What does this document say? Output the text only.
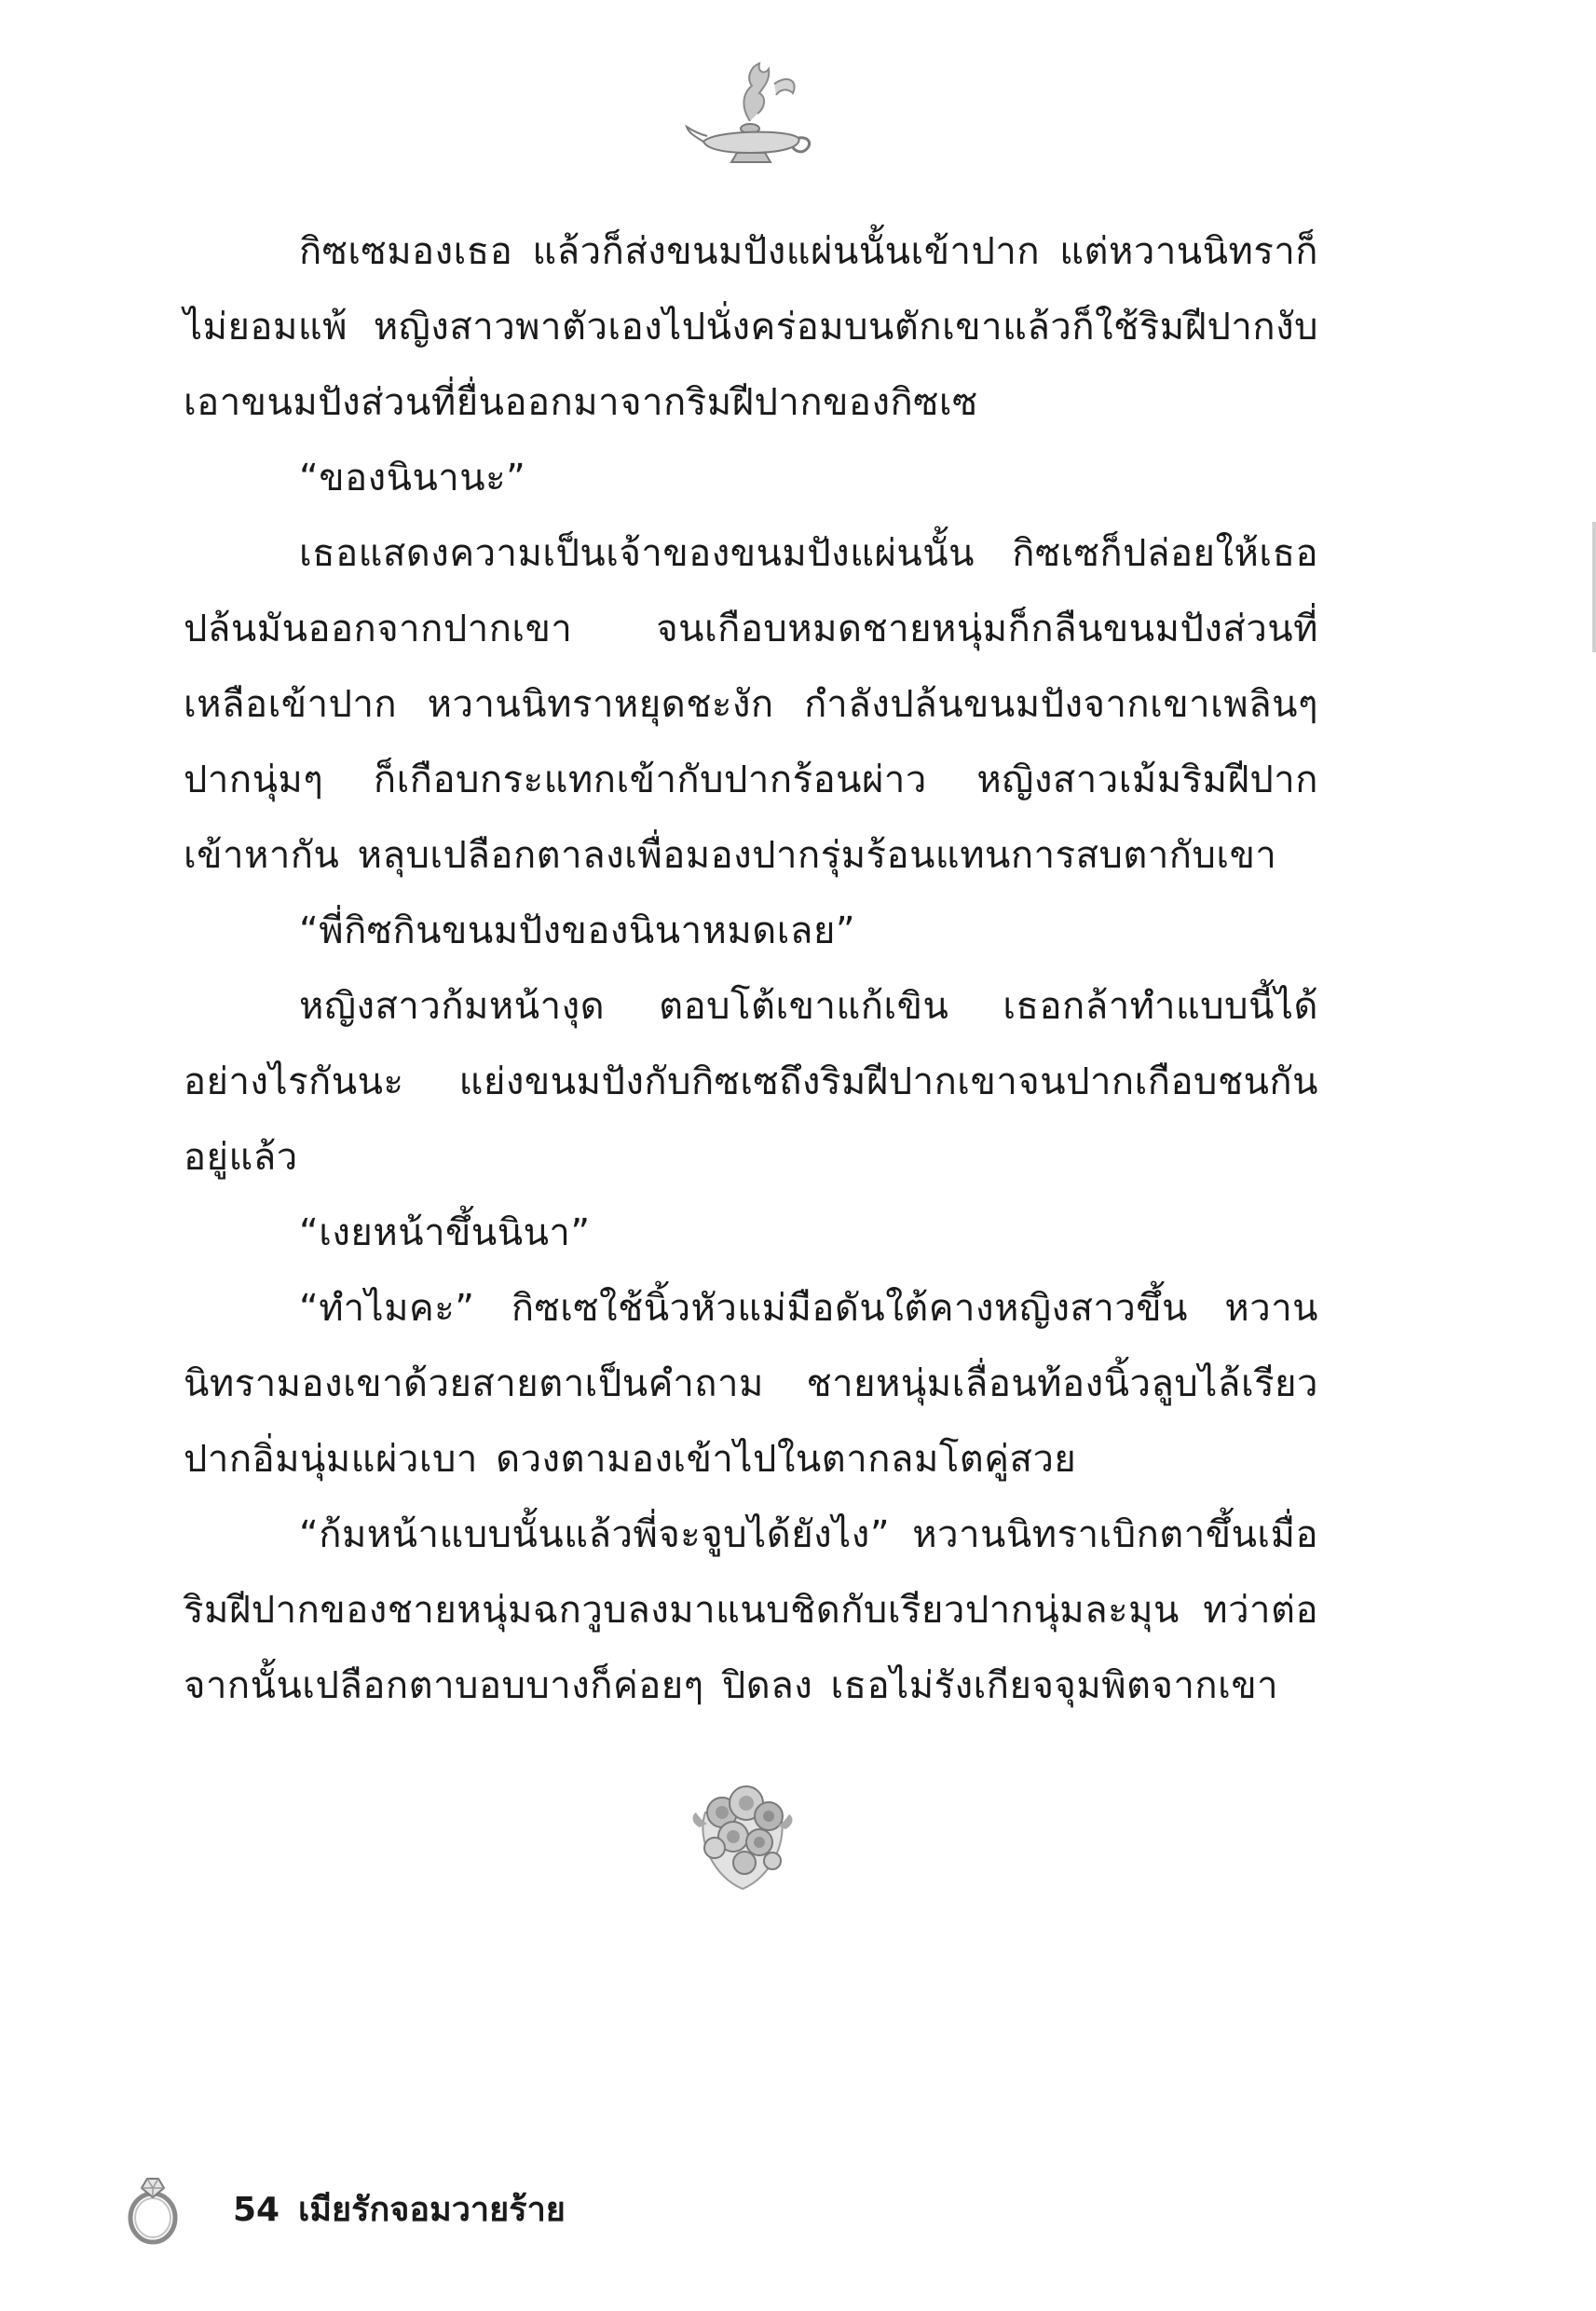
กิซเซมองเธอ แล้วก็ส่งขนมปังแผ่นนั้นเข้าปาก แต่หวานนิทราก็ไม่ยอมแพ้ หญิงสาวพาตัวเองไปนั่งคร่อมบนตักเขาแล้วก็ใช้ริมฝีปากงับเอาขนมปังส่วนที่ยื่นออกมาจากริมฝีปากของกิซเซ

“ของนินานะ”

เธอแสดงความเป็นเจ้าของขนมปังแผ่นนั้น กิซเซก็ปล่อยให้เธอปล้นมันออกจากปากเขา จนเกือบหมดชายหนุ่มก็กลืนขนมปังส่วนที่เหลือเข้าปาก หวานนิทราหยุดชะงัก กำลังปล้นขนมปังจากเขาเพลินๆ ปากนุ่มๆ ก็เกือบกระแทกเข้ากับปากร้อนผ่าว หญิงสาวเม้มริมฝีปากเข้าหากัน หลุบเปลือกตาลงเพื่อมองปากรุ่มร้อนแทนการสบตากับเขา

“พี่กิซกินขนมปังของนินาหมดเลย”

หญิงสาวก้มหน้างุด ตอบโต้เขาแก้เขิน เธอกล้าทำแบบนี้ได้อย่างไรกันนะ แย่งขนมปังกับกิซเซถึงริมฝีปากเขาจนปากเกือบชนกันอยู่แล้ว

“เงยหน้าขึ้นนินา”

“ทำไมคะ” กิซเซใช้นิ้วหัวแม่มือดันใต้คางหญิงสาวขึ้น หวานนิทรามองเขาด้วยสายตาเป็นคำถาม ชายหนุ่มเลื่อนท้องนิ้วลูบไล้เรียวปากอิ่มนุ่มแผ่วเบา ดวงตามองเข้าไปในตากลมโตคู่สวย

“ก้มหน้าแบบนั้นแล้วพี่จะจูบได้ยังไง” หวานนิทราเบิกตาขึ้นเมื่อริมฝีปากของชายหนุ่มฉกวูบลงมาแนบชิดกับเรียวปากนุ่มละมุน ทว่าต่อจากนั้นเปลือกตาบอบบางก็ค่อยๆ ปิดลง เธอไม่รังเกียจจุมพิตจากเขา

54 เมียรักจอมวายร้าย
